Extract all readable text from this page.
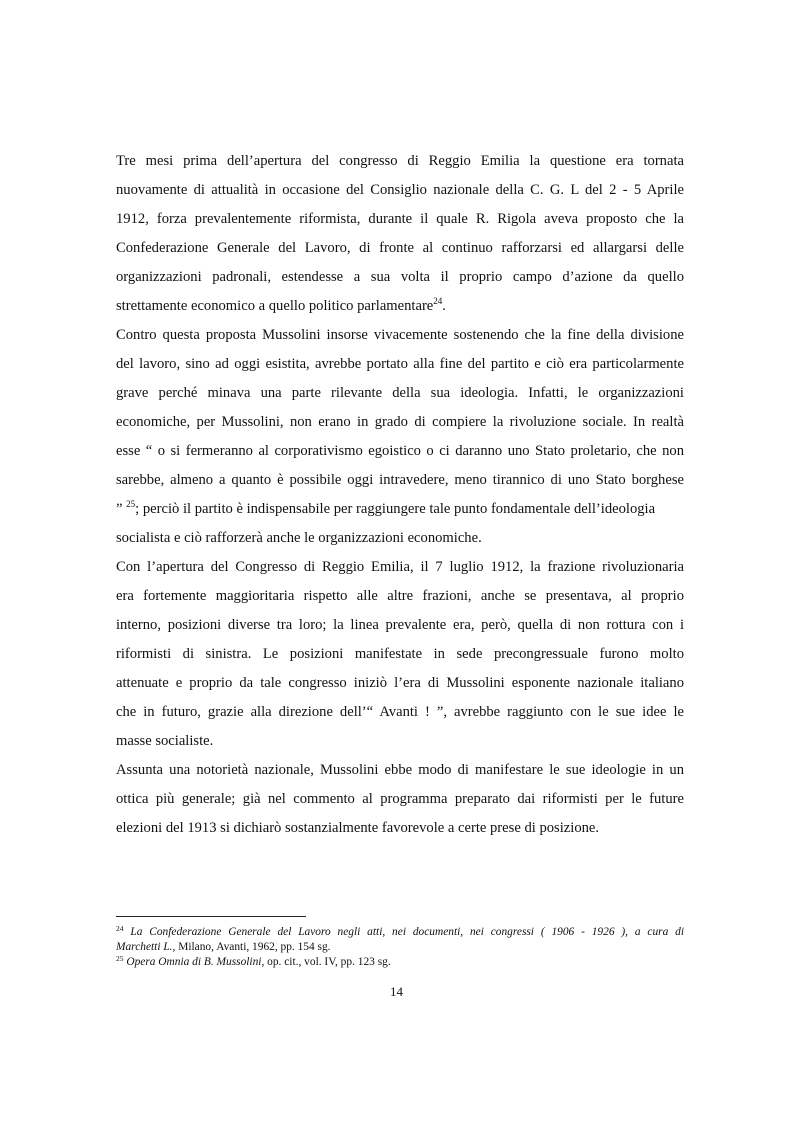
Tre mesi prima dell’apertura del congresso di Reggio Emilia la questione era tornata
nuovamente di attualità in occasione del Consiglio nazionale della C. G. L del 2 - 5 Aprile
1912, forza prevalentemente riformista, durante il quale R. Rigola aveva proposto che la
Confederazione Generale del Lavoro, di fronte al continuo rafforzarsi ed allargarsi delle
organizzazioni padronali, estendesse a sua volta il proprio campo d’azione da quello
strettamente economico a quello politico parlamentare$^{24}$.
Contro questa proposta Mussolini insorse vivacemente sostenendo che la fine della divisione
del lavoro, sino ad oggi esistita, avrebbe portato alla fine del partito e ciò era particolarmente
grave perché minava una parte rilevante della sua ideologia. Infatti, le organizzazioni
economiche, per Mussolini, non erano in grado di compiere la rivoluzione sociale. In realtà
esse “ o si fermeranno al corporativismo egoistico o ci daranno uno Stato proletario, che non
sarebbe, almeno a quanto è possibile oggi intravedere, meno tirannico di uno Stato borghese
” $^{25}$; perciò il partito è indispensabile per raggiungere tale punto fondamentale dell’ideologia
socialista e ciò rafforzerà anche le organizzazioni economiche.
Con l’apertura del Congresso di Reggio Emilia, il 7 luglio 1912, la frazione rivoluzionaria
era fortemente maggioritaria rispetto alle altre frazioni, anche se presentava, al proprio
interno, posizioni diverse tra loro; la linea prevalente era, però, quella di non rottura con i
riformisti di sinistra. Le posizioni manifestate in sede precongressuale furono molto
attenuate e proprio da tale congresso iniziò l’era di Mussolini esponente nazionale italiano
che in futuro, grazie alla direzione dell’“ Avanti ! ”, avrebbe raggiunto con le sue idee le
masse socialiste.
Assunta una notorietà nazionale, Mussolini ebbe modo di manifestare le sue ideologie in un
ottica più generale; già nel commento al programma preparato dai riformisti per le future
elezioni del 1913 si dichiarò sostanzialmente favorevole a certe prese di posizione.
$^{24}$ La Confederazione Generale del Lavoro negli atti, nei documenti, nei congressi ( 1906 - 1926 ), a cura di
Marchetti L., Milano, Avanti, 1962, pp. 154 sg.
$^{25}$ Opera Omnia di B. Mussolini, op. cit., vol. IV, pp. 123 sg.
14
